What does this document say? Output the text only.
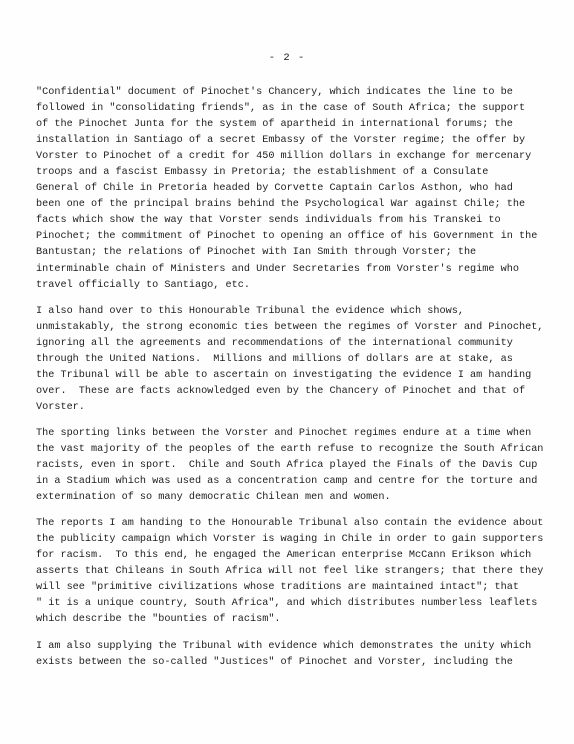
- 2 -
"Confidential" document of Pinochet's Chancery, which indicates the line to be
followed in "consolidating friends", as in the case of South Africa; the support
of the Pinochet Junta for the system of apartheid in international forums; the
installation in Santiago of a secret Embassy of the Vorster regime; the offer by
Vorster to Pinochet of a credit for 450 million dollars in exchange for mercenary
troops and a fascist Embassy in Pretoria; the establishment of a Consulate
General of Chile in Pretoria headed by Corvette Captain Carlos Asthon, who had
been one of the principal brains behind the Psychological War against Chile; the
facts which show the way that Vorster sends individuals from his Transkei to
Pinochet; the commitment of Pinochet to opening an office of his Government in the
Bantustan; the relations of Pinochet with Ian Smith through Vorster; the
interminable chain of Ministers and Under Secretaries from Vorster's regime who
travel officially to Santiago, etc.
I also hand over to this Honourable Tribunal the evidence which shows,
unmistakably, the strong economic ties between the regimes of Vorster and Pinochet,
ignoring all the agreements and recommendations of the international community
through the United Nations.  Millions and millions of dollars are at stake, as
the Tribunal will be able to ascertain on investigating the evidence I am handing
over.  These are facts acknowledged even by the Chancery of Pinochet and that of
Vorster.
The sporting links between the Vorster and Pinochet regimes endure at a time when
the vast majority of the peoples of the earth refuse to recognize the South African
racists, even in sport.  Chile and South Africa played the Finals of the Davis Cup
in a Stadium which was used as a concentration camp and centre for the torture and
extermination of so many democratic Chilean men and women.
The reports I am handing to the Honourable Tribunal also contain the evidence about
the publicity campaign which Vorster is waging in Chile in order to gain supporters
for racism.  To this end, he engaged the American enterprise McCann Erikson which
asserts that Chileans in South Africa will not feel like strangers; that there they
will see "primitive civilizations whose traditions are maintained intact"; that
" it is a unique country, South Africa", and which distributes numberless leaflets
which describe the "bounties of racism".
I am also supplying the Tribunal with evidence which demonstrates the unity which
exists between the so-called "Justices" of Pinochet and Vorster, including the
